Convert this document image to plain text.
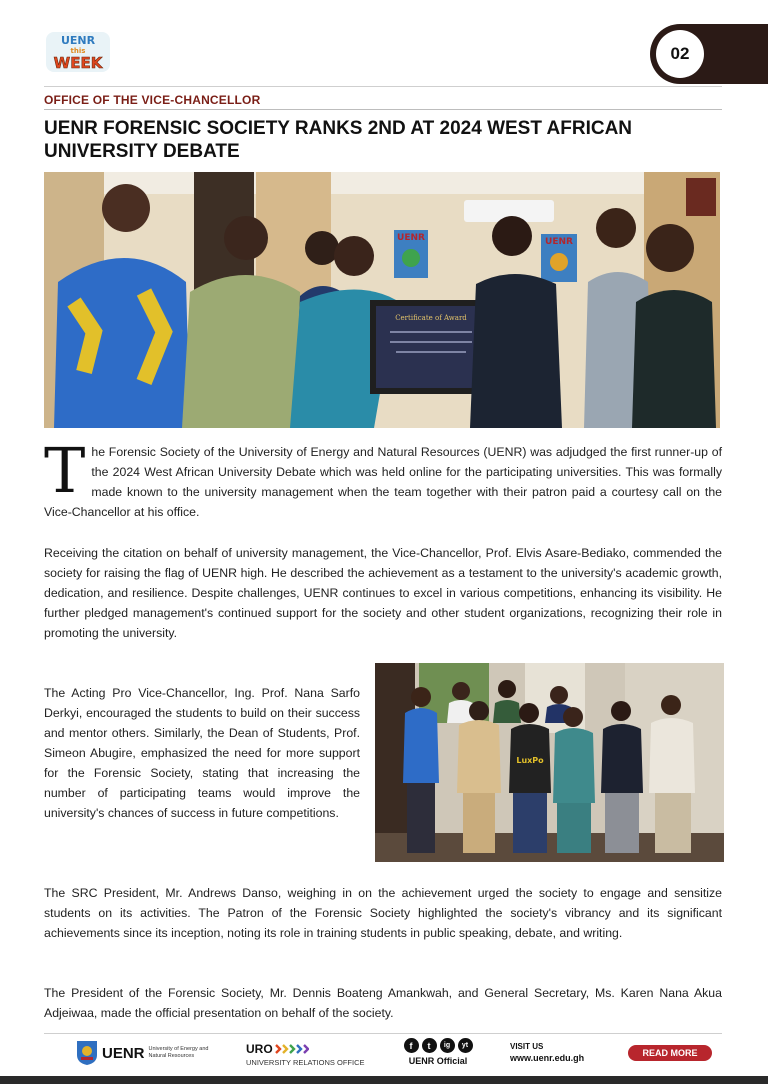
UENR
this
WEEK	02
OFFICE OF THE VICE-CHANCELLOR
UENR FORENSIC SOCIETY RANKS 2ND AT 2024 WEST AFRICAN UNIVERSITY DEBATE
UENR	UENR
Certificate of Award

The Forensic Society of the University of Energy and Natural Resources (UENR) was adjudged the first runner-up of the 2024 West African University Debate which was held online for the participating universities. This was formally made known to the university management when the team together with their patron paid a courtesy call on the Vice-Chancellor at his office.

Receiving the citation on behalf of university management, the Vice-Chancellor, Prof. Elvis Asare-Bediako, commended the society for raising the flag of UENR high. He described the achievement as a testament to the university's academic growth, dedication, and resilience. Despite challenges, UENR continues to excel in various competitions, enhancing its visibility. He further pledged management's continued support for the society and other student organizations, recognizing their role in promoting the university.

The Acting Pro Vice-Chancellor, Ing. Prof. Nana Sarfo Derkyi, encouraged the students to build on their success and mentor others. Similarly, the Dean of Students, Prof. Simeon Abugire, emphasized the need for more support for the Forensic Society, stating that increasing the number of participating teams would improve the university's chances of success in future competitions.

LuxPo

The SRC President, Mr. Andrews Danso, weighing in on the achievement urged the society to engage and sensitize students on its activities. The Patron of the Forensic Society highlighted the society's vibrancy and its significant achievements since its inception, noting its role in training students in public speaking, debate, and writing.

The President of the Forensic Society, Mr. Dennis Boateng Amankwah, and General Secretary, Ms. Karen Nana Akua Adjeiwaa, made the official presentation on behalf of the society.

UENR University of Energy and Natural Resources	URO
UNIVERSITY RELATIONS OFFICE
f	t	ig	yt
UENR Official
VISIT US
www.uenr.edu.gh	READ MORE
